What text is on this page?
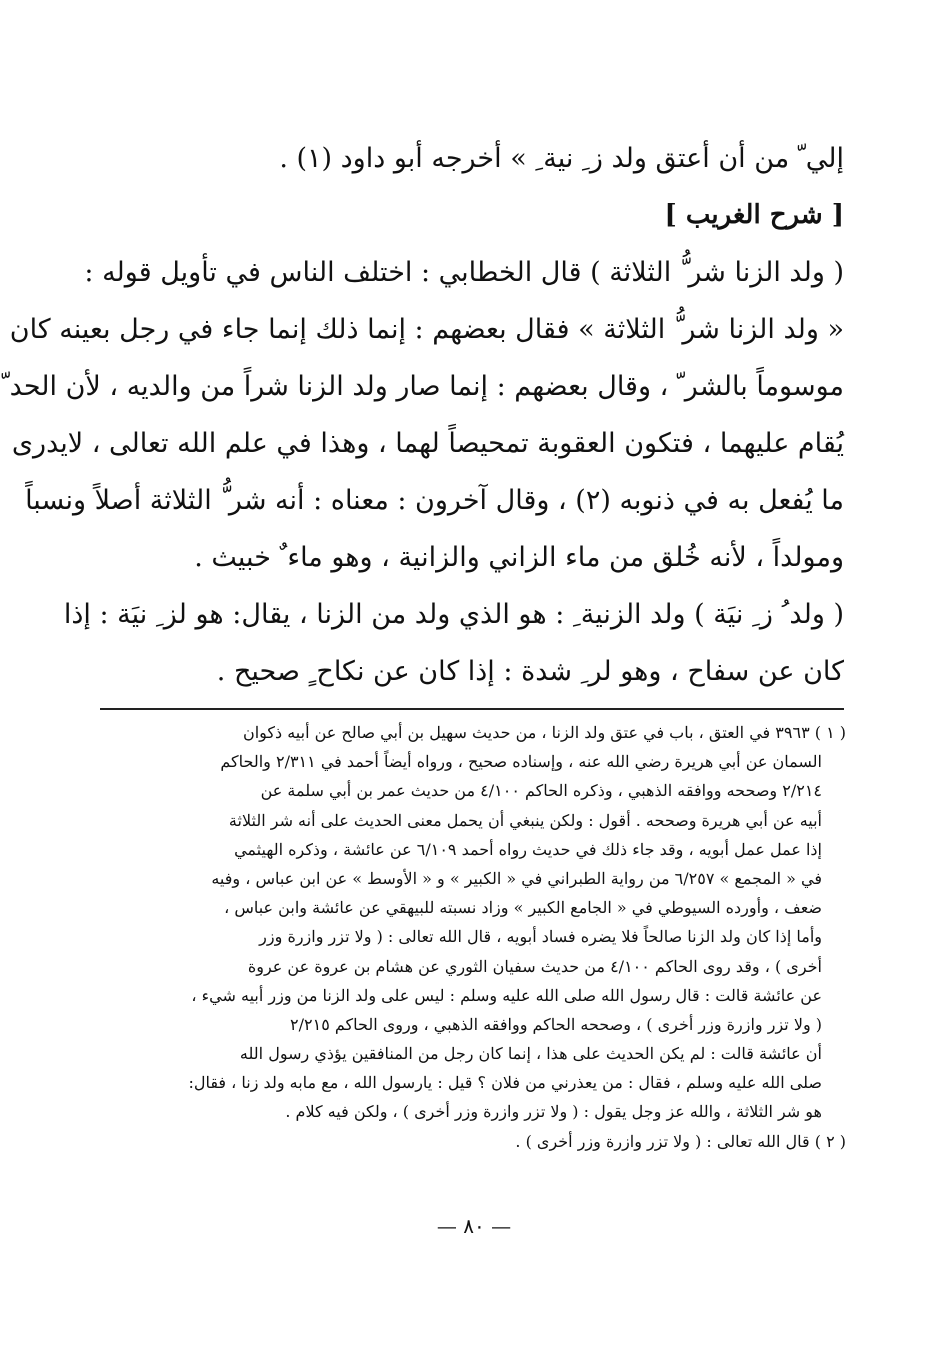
إلي ّ من أن أعتق ولد ز ِ نية ِ » أخرجه أبو داود (١) .
[ شرح الغريب ]
( ولد الزنا شر ُّ الثلاثة ) قال الخطابي : اختلف الناس في تأويل قوله :
« ولد الزنا شر ُّ الثلاثة » فقال بعضهم : إنما ذلك إنما جاء في رجل بعينه كان
موسوماً بالشر ّ ، وقال بعضهم : إنما صار ولد الزنا شراً من والديه ، لأن الحد ّ
يُقام عليهما ، فتكون العقوبة تمحيصاً لهما ، وهذا في علم الله تعالى ، لايدرى
ما يُفعل به في ذنوبه (٢) ، وقال آخرون : معناه : أنه شر ُّ الثلاثة أصلاً ونسباً
ومولداً ، لأنه خُلق من ماء الزاني والزانية ، وهو ماء ٌ خبيث .
( ولد ُ ز ِ نيَة ) ولد الزنية ِ : هو الذي ولد من الزنا ، يقال: هو لز ِ نيَة : إذا
كان عن سفاح ، وهو لر ِ شدة : إذا كان عن نكاح ٍ صحيح .
( ١ ) ٣٩٦٣ في العتق ، باب في عتق ولد الزنا ، من حديث سهيل بن أبي صالح عن أبيه ذكوان
السمان عن أبي هريرة رضي الله عنه ، وإسناده صحيح ، ورواه أيضاً أحمد في ٢/٣١١ والحاكم
٢/٢١٤ وصححه ووافقه الذهبي ، وذكره الحاكم ٤/١٠٠ من حديث عمر بن أبي سلمة عن
أبيه عن أبي هريرة وصححه . أقول : ولكن ينبغي أن يحمل معنى الحديث على أنه شر الثلاثة
إذا عمل عمل أبويه ، وقد جاء ذلك في حديث رواه أحمد ٦/١٠٩ عن عائشة ، وذكره الهيثمي
في « المجمع » ٦/٢٥٧ من رواية الطبراني في « الكبير » و « الأوسط » عن ابن عباس ، وفيه
ضعف ، وأورده السيوطي في « الجامع الكبير » وزاد نسبته للبيهقي عن عائشة وابن عباس ،
وأما إذا كان ولد الزنا صالحاً فلا يضره فساد أبويه ، قال الله تعالى : ( ولا تزر وازرة وزر
أخرى ) ، وقد روى الحاكم ٤/١٠٠ من حديث سفيان الثوري عن هشام بن عروة عن عروة
عن عائشة قالت : قال رسول الله صلى الله عليه وسلم : ليس على ولد الزنا من وزر أبيه شيء ،
( ولا تزر وازرة وزر أخرى ) ، وصححه الحاكم ووافقه الذهبي ، وروى الحاكم ٢/٢١٥
أن عائشة قالت : لم يكن الحديث على هذا ، إنما كان رجل من المنافقين يؤذي رسول الله
صلى الله عليه وسلم ، فقال : من يعذرني من فلان ؟ قيل : يارسول الله ، مع مابه ولد زنا ، فقال:
هو شر الثلاثة ، والله عز وجل يقول : ( ولا تزر وازرة وزر أخرى ) ، ولكن فيه كلام .
( ٢ ) قال الله تعالى : ( ولا تزر وازرة وزر أخرى ) .
— ٨٠ —
